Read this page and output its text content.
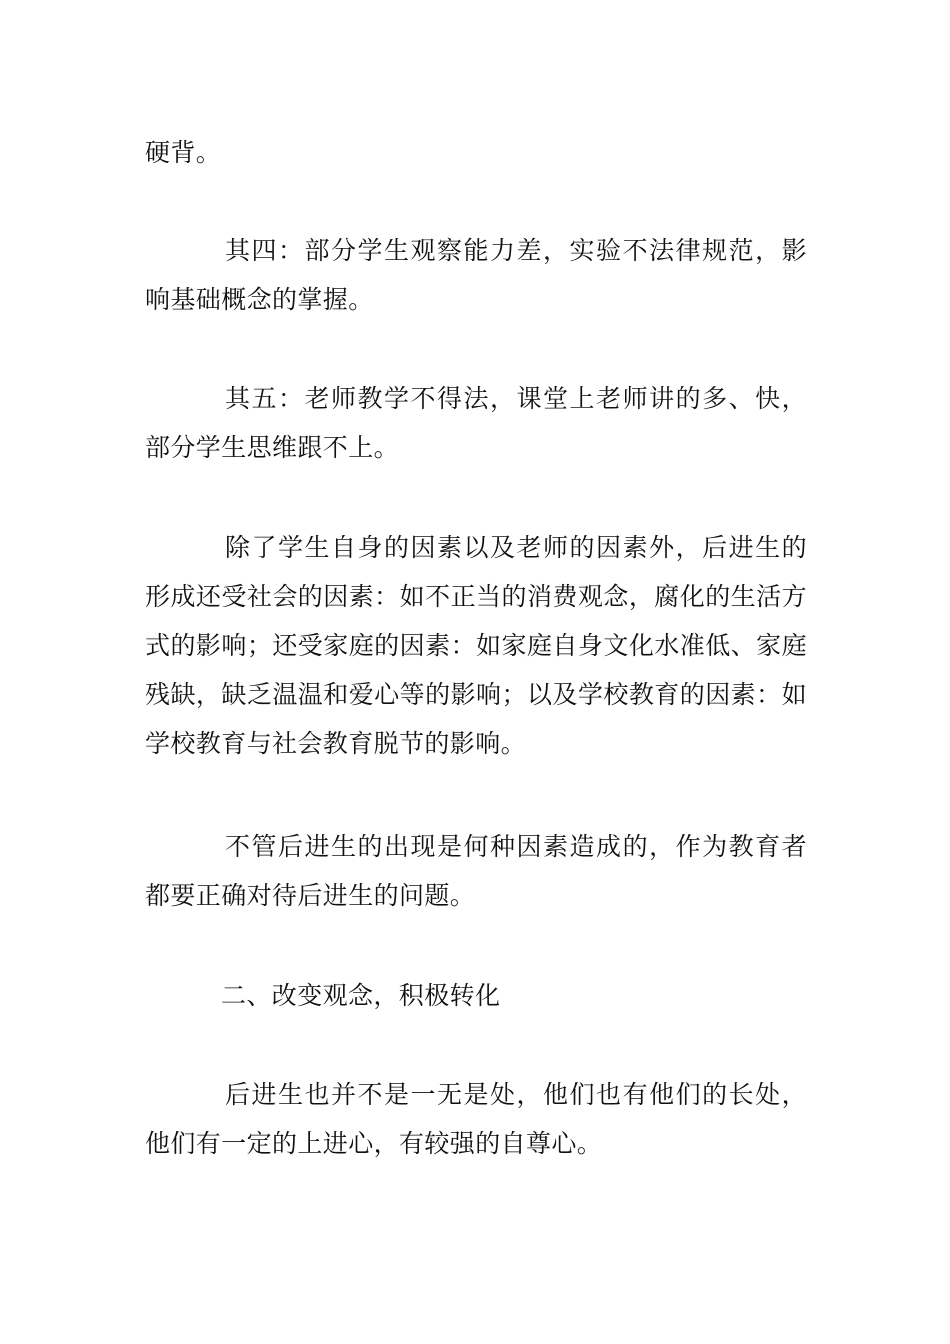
硬背。

其四：部分学生观察能力差，实验不法律规范，影响基础概念的掌握。

其五：老师教学不得法，课堂上老师讲的多、快，部分学生思维跟不上。

除了学生自身的因素以及老师的因素外，后进生的形成还受社会的因素：如不正当的消费观念，腐化的生活方式的影响；还受家庭的因素：如家庭自身文化水准低、家庭残缺，缺乏温温和爱心等的影响；以及学校教育的因素：如学校教育与社会教育脱节的影响。

不管后进生的出现是何种因素造成的，作为教育者都要正确对待后进生的问题。

二、改变观念，积极转化

后进生也并不是一无是处，他们也有他们的长处，他们有一定的上进心，有较强的自尊心。
